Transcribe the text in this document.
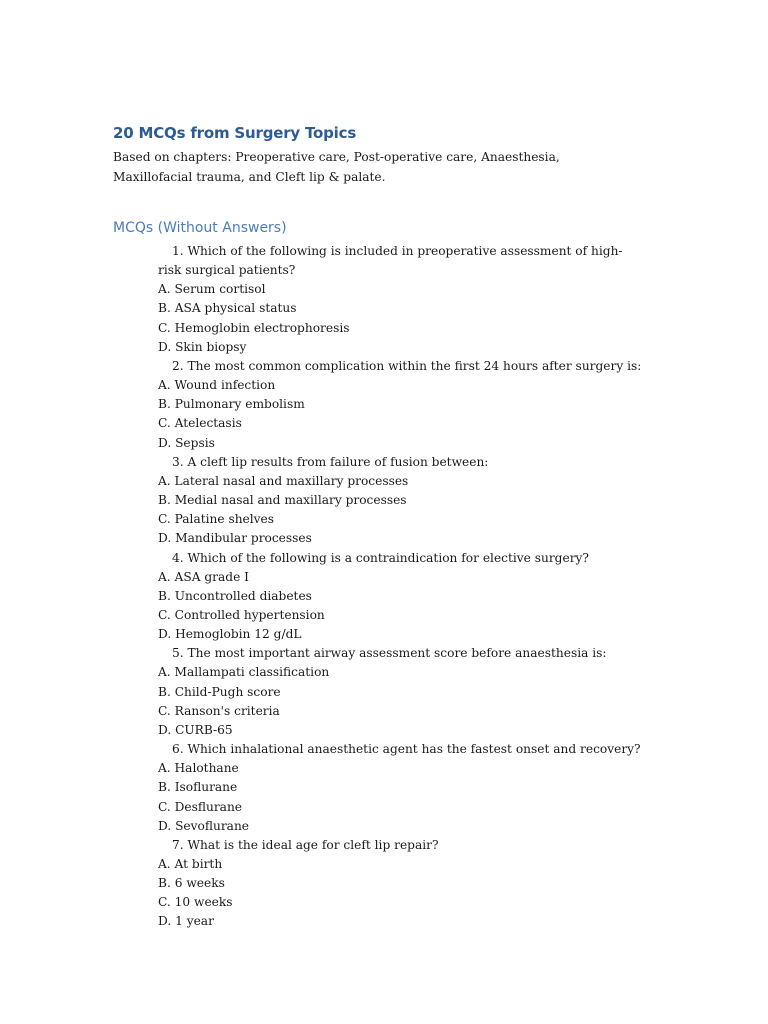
20 MCQs from Surgery Topics
Based on chapters: Preoperative care, Post-operative care, Anaesthesia, Maxillofacial trauma, and Cleft lip & palate.
MCQs (Without Answers)
1. Which of the following is included in preoperative assessment of high-risk surgical patients?
A. Serum cortisol
B. ASA physical status
C. Hemoglobin electrophoresis
D. Skin biopsy
2. The most common complication within the first 24 hours after surgery is:
A. Wound infection
B. Pulmonary embolism
C. Atelectasis
D. Sepsis
3. A cleft lip results from failure of fusion between:
A. Lateral nasal and maxillary processes
B. Medial nasal and maxillary processes
C. Palatine shelves
D. Mandibular processes
4. Which of the following is a contraindication for elective surgery?
A. ASA grade I
B. Uncontrolled diabetes
C. Controlled hypertension
D. Hemoglobin 12 g/dL
5. The most important airway assessment score before anaesthesia is:
A. Mallampati classification
B. Child-Pugh score
C. Ranson's criteria
D. CURB-65
6. Which inhalational anaesthetic agent has the fastest onset and recovery?
A. Halothane
B. Isoflurane
C. Desflurane
D. Sevoflurane
7. What is the ideal age for cleft lip repair?
A. At birth
B. 6 weeks
C. 10 weeks
D. 1 year
